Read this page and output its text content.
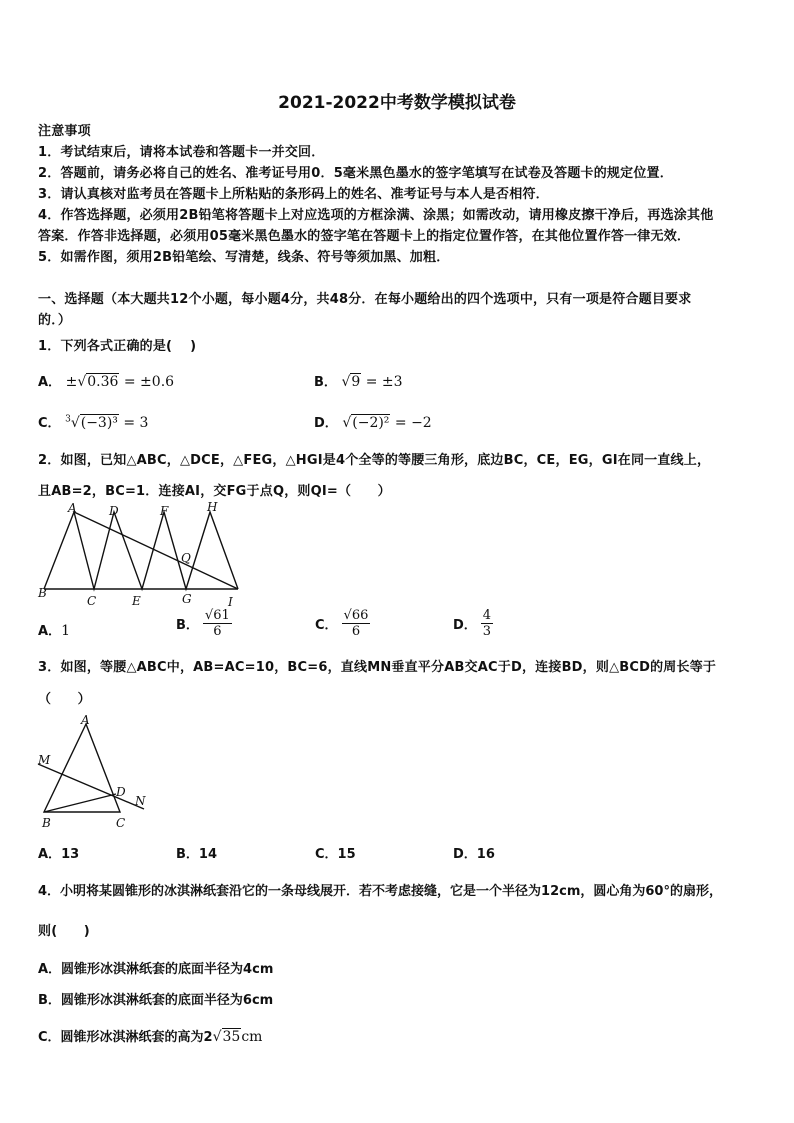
2021-2022中考数学模拟试卷
注意事项
1．考试结束后，请将本试卷和答题卡一并交回．
2．答题前，请务必将自己的姓名、准考证号用0．5毫米黑色墨水的签字笔填写在试卷及答题卡的规定位置．
3．请认真核对监考员在答题卡上所粘贴的条形码上的姓名、准考证号与本人是否相符．
4．作答选择题，必须用2B铅笔将答题卡上对应选项的方框涂满、涂黑；如需改动，请用橡皮擦干净后，再选涂其他
答案．作答非选择题，必须用05毫米黑色墨水的签字笔在答题卡上的指定位置作答，在其他位置作答一律无效．
5．如需作图，须用2B铅笔绘、写清楚，线条、符号等须加黑、加粗．
一、选择题（本大题共12个小题，每小题4分，共48分．在每小题给出的四个选项中，只有一项是符合题目要求
的．）
1．下列各式正确的是(　 )
A． ±√0.36 = ±0.6	B． √9 = ±3
C． $^3$√(−3)³ = 3	D． √(−2)² = −2
2．如图，已知△ABC，△DCE，△FEG，△HGI是4个全等的等腰三角形，底边BC，CE，EG，GI在同一直线上，
且AB=2，BC=1．连接AI，交FG于点Q，则QI=（　　）
A	D	F	H
Q
B
C	E	G	I
A．1	B． $\frac{√61}{6}$	C． $\frac{√66}{6}$	D． $\frac{4}{3}$
3．如图，等腰△ABC中，AB=AC=10，BC=6，直线MN垂直平分AB交AC于D，连接BD，则△BCD的周长等于
（　　）
A
M
D
N
B	C
A．13	B．14	C．15	D．16
4．小明将某圆锥形的冰淇淋纸套沿它的一条母线展开．若不考虑接缝，它是一个半径为12cm，圆心角为60°的扇形，
则(　　)
A．圆锥形冰淇淋纸套的底面半径为4cm
B．圆锥形冰淇淋纸套的底面半径为6cm
C．圆锥形冰淇淋纸套的高为2√35cm
